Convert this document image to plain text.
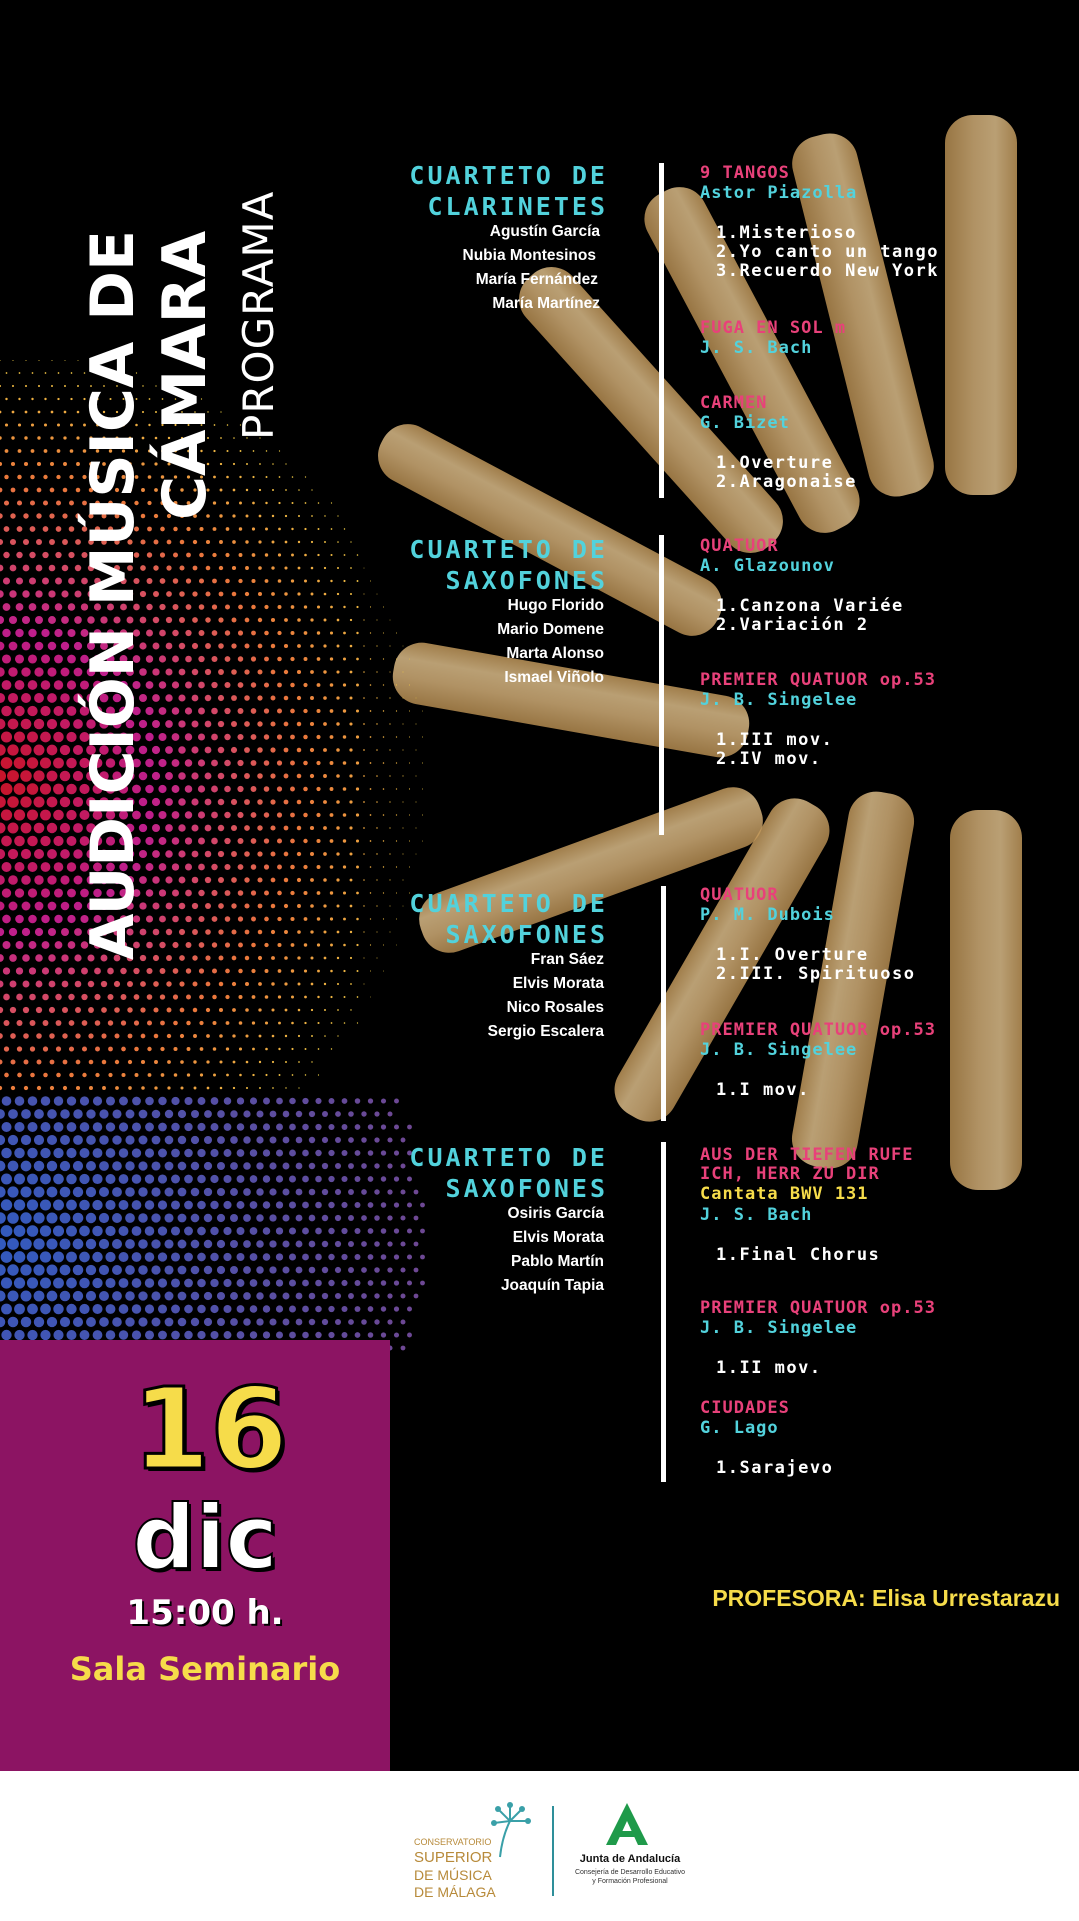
AUDICIÓN MÚSICA DE CÁMARA PROGRAMA
CUARTETO DE
CLARINETES
Agustín García
Nubia Montesinos
María Fernández
María Martínez
CUARTETO DE
SAXOFONES
Hugo Florido
Mario Domene
Marta Alonso
Ismael Viñolo
CUARTETO DE
SAXOFONES
Fran Sáez
Elvis Morata
Nico Rosales
Sergio Escalera
CUARTETO DE
SAXOFONES
Osiris García
Elvis Morata
Pablo Martín
Joaquín Tapia
9 TANGOS
Astor Piazolla
1.Misterioso
2.Yo canto un tango
3.Recuerdo New York
FUGA EN SOL m
J. S. Bach
CARMEN
G. Bizet
1.Overture
2.Aragonaise
QUATUOR
A. Glazounov
1.Canzona Variée
2.Variación 2
PREMIER QUATUOR op.53
J. B. Singelee
1.III mov.
2.IV mov.
QUATUOR
P. M. Dubois
1.I. Overture
2.III. Spirituoso
PREMIER QUATUOR op.53
J. B. Singelee
1.I mov.
AUS DER TIEFEN RUFE
ICH, HERR ZU DIR
Cantata BWV 131
J. S. Bach
1.Final Chorus
PREMIER QUATUOR op.53
J. B. Singelee
1.II mov.
CIUDADES
G. Lago
1.Sarajevo
16
dic
15:00 h.
Sala Seminario
PROFESORA: Elisa Urrestarazu
CONSERVATORIO
SUPERIOR
DE MÚSICA
DE MÁLAGA
Junta de Andalucía
Consejería de Desarrollo Educativo
y Formación Profesional
